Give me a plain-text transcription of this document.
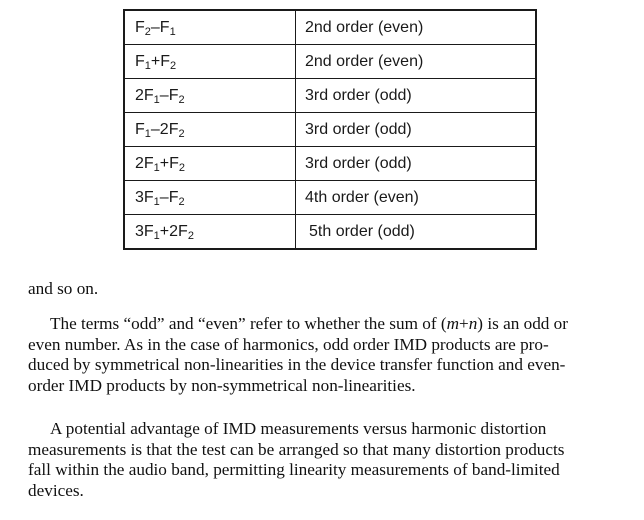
$F_2-F_1$	2nd order (even)
$F_1+F_2$	2nd order (even)
$2F_1-F_2$	3rd order (odd)
$F_1-2F_2$	3rd order (odd)
$2F_1+F_2$	3rd order (odd)
$3F_1-F_2$	4th order (even)
$3F_1+2F_2$	5th order (odd)

and so on.

The terms “odd” and “even” refer to whether the sum of (m+n) is an odd or
even number. As in the case of harmonics, odd order IMD products are pro-
duced by symmetrical non-linearities in the device transfer function and even-
order IMD products by non-symmetrical non-linearities.

A potential advantage of IMD measurements versus harmonic distortion
measurements is that the test can be arranged so that many distortion products
fall within the audio band, permitting linearity measurements of band-limited
devices.
